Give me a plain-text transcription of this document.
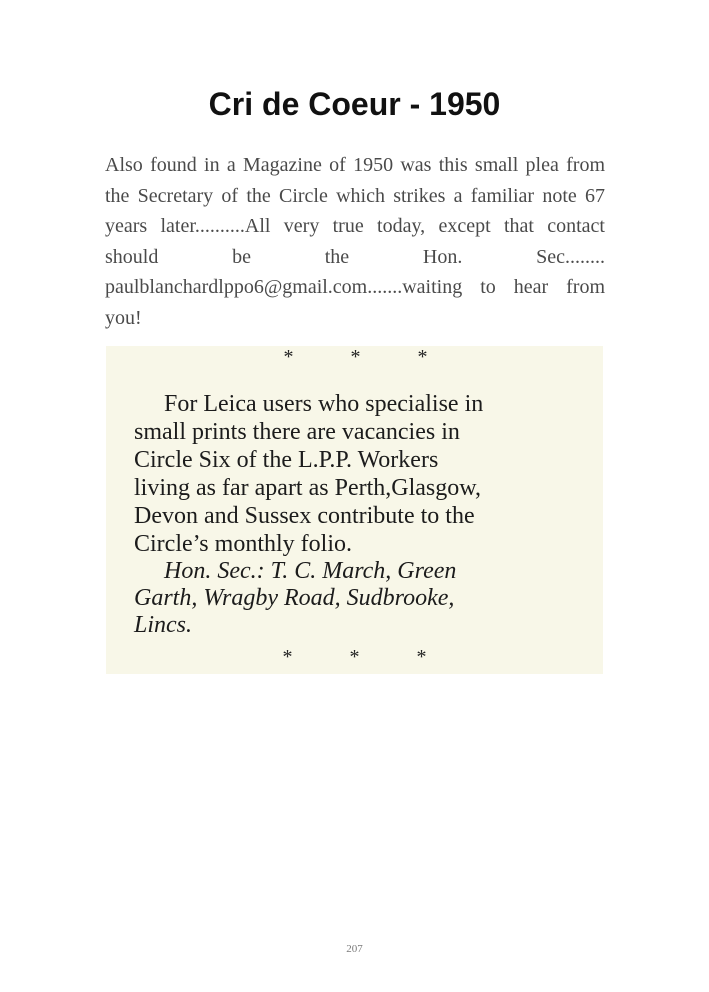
Cri de Coeur - 1950

Also found in a Magazine of 1950 was this small plea from the Secretary of the Circle which strikes a familiar note 67 years later..........All very true today, except that contact should be the Hon. Sec........ paulblanchardlppo6@gmail.com.......waiting to hear from you!

* * *

For Leica users who specialise in
small prints there are vacancies in
Circle Six of the L.P.P. Workers
living as far apart as Perth,Glasgow,
Devon and Sussex contribute to the
Circle’s monthly folio.

Hon. Sec.: T. C. March, Green
Garth, Wragby Road, Sudbrooke,
Lincs.

* * *
207
